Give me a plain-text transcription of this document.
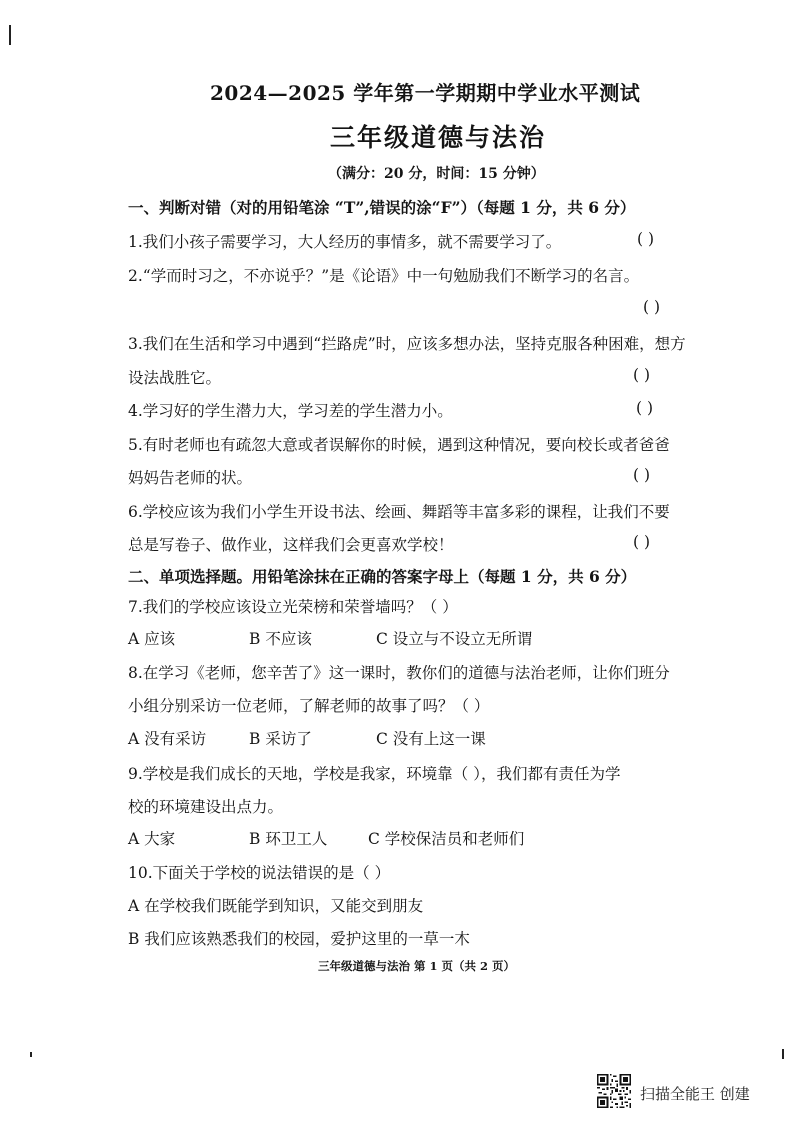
2024—2025 学年第一学期期中学业水平测试
三年级道德与法治
（满分：20 分，时间：15 分钟）
一、判断对错（对的用铅笔涂 “T”,错误的涂“F”）（每题 1 分，共 6 分）
1.我们小孩子需要学习，大人经历的事情多，就不需要学习了。	( )
2.“学而时习之，不亦说乎？”是《论语》中一句勉励我们不断学习的名言。
( )
3.我们在生活和学习中遇到“拦路虎”时，应该多想办法，坚持克服各种困难，想方
设法战胜它。	( )
4.学习好的学生潜力大，学习差的学生潜力小。	( )
5.有时老师也有疏忽大意或者误解你的时候，遇到这种情况，要向校长或者爸爸
妈妈告老师的状。	( )
6.学校应该为我们小学生开设书法、绘画、舞蹈等丰富多彩的课程，让我们不要
总是写卷子、做作业，这样我们会更喜欢学校！	( )
二、单项选择题。用铅笔涂抹在正确的答案字母上（每题 1 分，共 6 分）
7.我们的学校应该设立光荣榜和荣誉墙吗？（ ）
A 应该	B 不应该	C 设立与不设立无所谓
8.在学习《老师，您辛苦了》这一课时，教你们的道德与法治老师，让你们班分
小组分别采访一位老师，了解老师的故事了吗？（ ）
A 没有采访	B 采访了	C 没有上这一课
9.学校是我们成长的天地，学校是我家，环境靠（ ），我们都有责任为学
校的环境建设出点力。
A 大家	B 环卫工人	C 学校保洁员和老师们
10.下面关于学校的说法错误的是（ ）
A 在学校我们既能学到知识，又能交到朋友
B 我们应该熟悉我们的校园，爱护这里的一草一木
三年级道德与法治 第 1 页（共 2 页）
扫描全能王 创建
